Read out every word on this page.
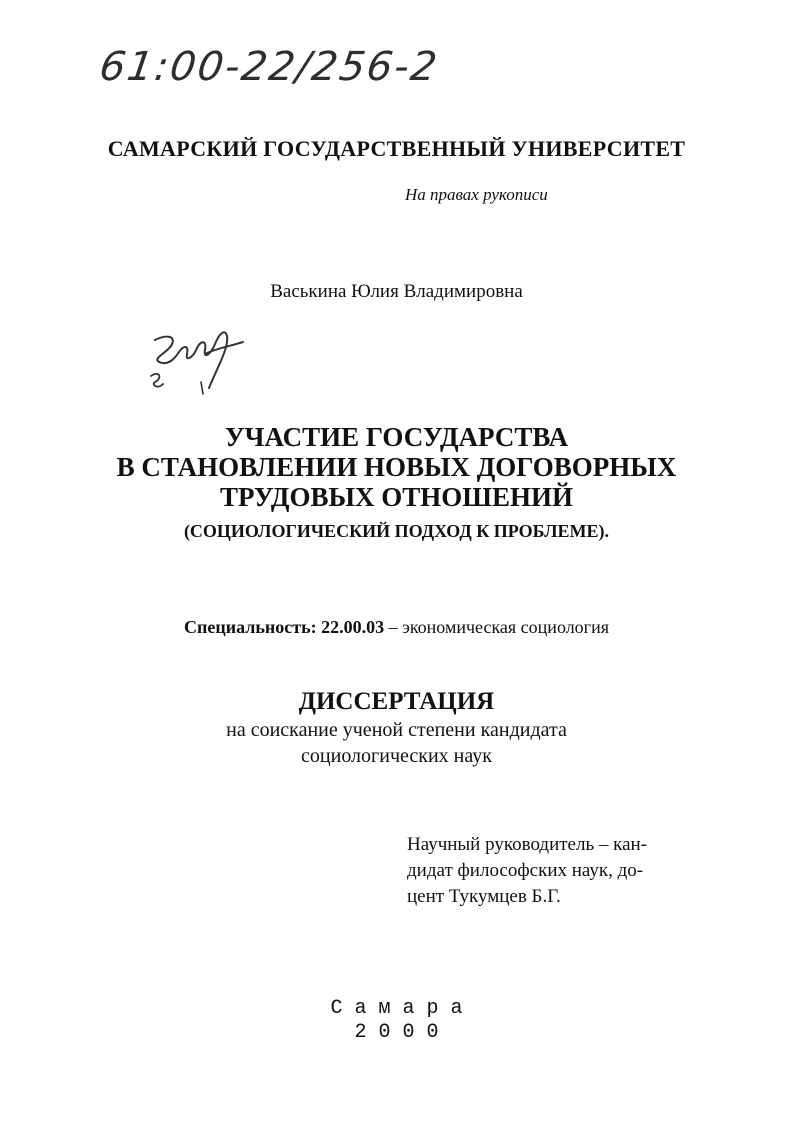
61:00-22/256-2
САМАРСКИЙ ГОСУДАРСТВЕННЫЙ УНИВЕРСИТЕТ
На правах рукописи
Васькина Юлия Владимировна
УЧАСТИЕ ГОСУДАРСТВА
В СТАНОВЛЕНИИ НОВЫХ ДОГОВОРНЫХ
ТРУДОВЫХ ОТНОШЕНИЙ
(СОЦИОЛОГИЧЕСКИЙ ПОДХОД К ПРОБЛЕМЕ).
Специальность: 22.00.03 – экономическая социология
ДИССЕРТАЦИЯ
на соискание ученой степени кандидата
социологических наук
Научный руководитель – кан-
дидат философских наук, до-
цент Тукумцев Б.Г.
С а м а р а
2 0 0 0
